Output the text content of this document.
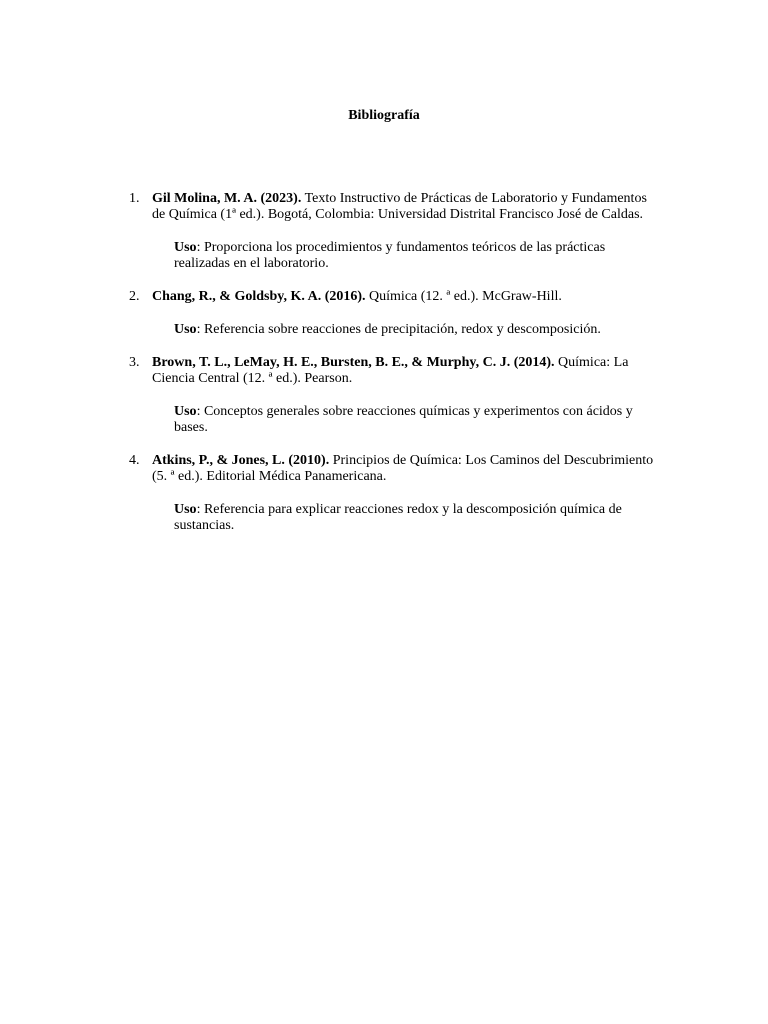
Bibliografía
1. Gil Molina, M. A. (2023). Texto Instructivo de Prácticas de Laboratorio y Fundamentos de Química (1ª ed.). Bogotá, Colombia: Universidad Distrital Francisco José de Caldas.

Uso: Proporciona los procedimientos y fundamentos teóricos de las prácticas realizadas en el laboratorio.

2. Chang, R., & Goldsby, K. A. (2016). Química (12. ª ed.). McGraw-Hill.

Uso: Referencia sobre reacciones de precipitación, redox y descomposición.

3. Brown, T. L., LeMay, H. E., Bursten, B. E., & Murphy, C. J. (2014). Química: La Ciencia Central (12. ª ed.). Pearson.

Uso: Conceptos generales sobre reacciones químicas y experimentos con ácidos y bases.

4. Atkins, P., & Jones, L. (2010). Principios de Química: Los Caminos del Descubrimiento (5. ª ed.). Editorial Médica Panamericana.

Uso: Referencia para explicar reacciones redox y la descomposición química de sustancias.
